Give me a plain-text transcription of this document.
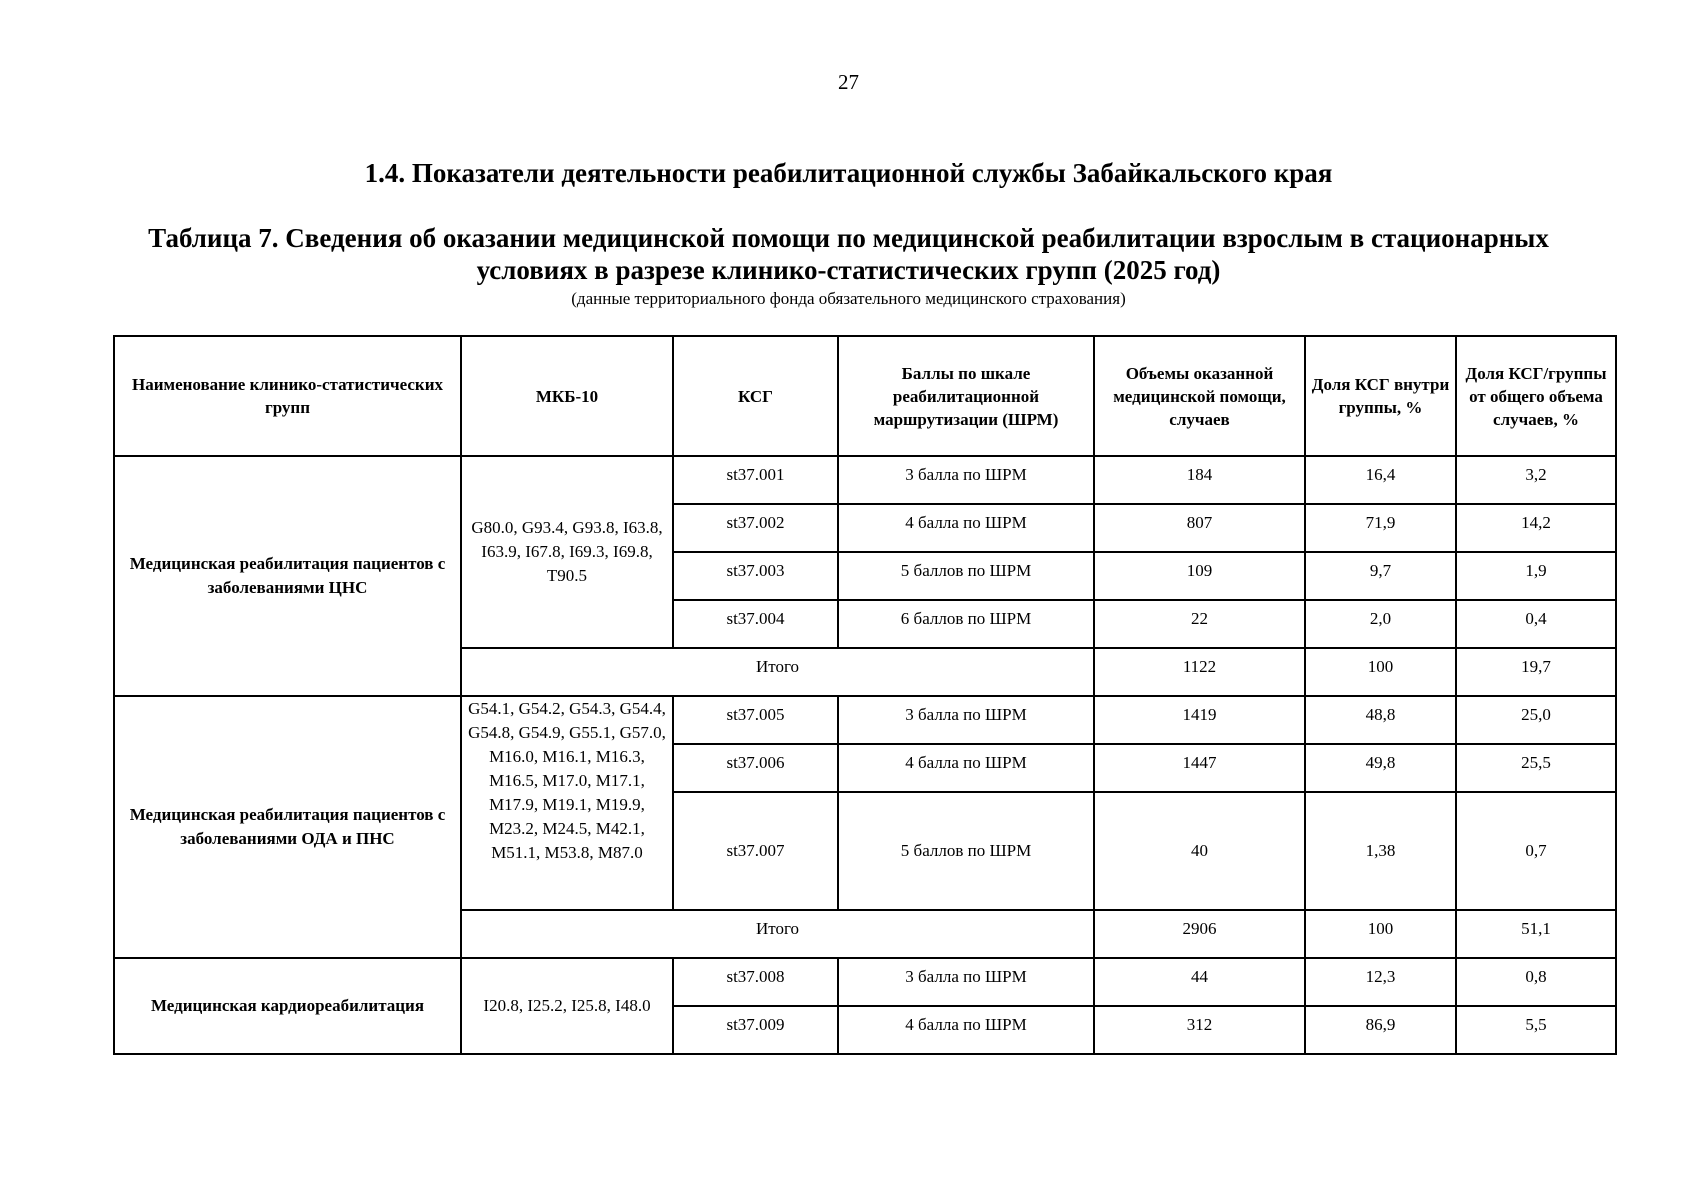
27
1.4. Показатели деятельности реабилитационной службы Забайкальского края
Таблица 7. Сведения об оказании медицинской помощи по медицинской реабилитации взрослым в стационарных условиях в разрезе клинико-статистических групп (2025 год)
(данные территориального фонда обязательного медицинского страхования)
Наименование клинико-статистических групп	МКБ-10	КСГ	Баллы по шкале реабилитационной маршрутизации (ШРМ)	Объемы оказанной медицинской помощи, случаев	Доля КСГ внутри группы, %	Доля КСГ/группы от общего объема случаев, %
Медицинская реабилитация пациентов с заболеваниями ЦНС	G80.0, G93.4, G93.8, I63.8, I63.9, I67.8, I69.3, I69.8, T90.5	st37.001	3 балла по ШРМ	184	16,4	3,2
		st37.002	4 балла по ШРМ	807	71,9	14,2
		st37.003	5 баллов по ШРМ	109	9,7	1,9
		st37.004	6 баллов по ШРМ	22	2,0	0,4
	Итого			1122	100	19,7
Медицинская реабилитация пациентов с заболеваниями ОДА и ПНС	G54.1, G54.2, G54.3, G54.4, G54.8, G54.9, G55.1, G57.0, M16.0, M16.1, M16.3, M16.5, M17.0, M17.1, M17.9, M19.1, M19.9, M23.2, M24.5, M42.1, M51.1, M53.8, M87.0	st37.005	3 балла по ШРМ	1419	48,8	25,0
		st37.006	4 балла по ШРМ	1447	49,8	25,5
		st37.007	5 баллов по ШРМ	40	1,38	0,7
	Итого			2906	100	51,1
Медицинская кардиореабилитация	I20.8, I25.2, I25.8, I48.0	st37.008	3 балла по ШРМ	44	12,3	0,8
		st37.009	4 балла по ШРМ	312	86,9	5,5
